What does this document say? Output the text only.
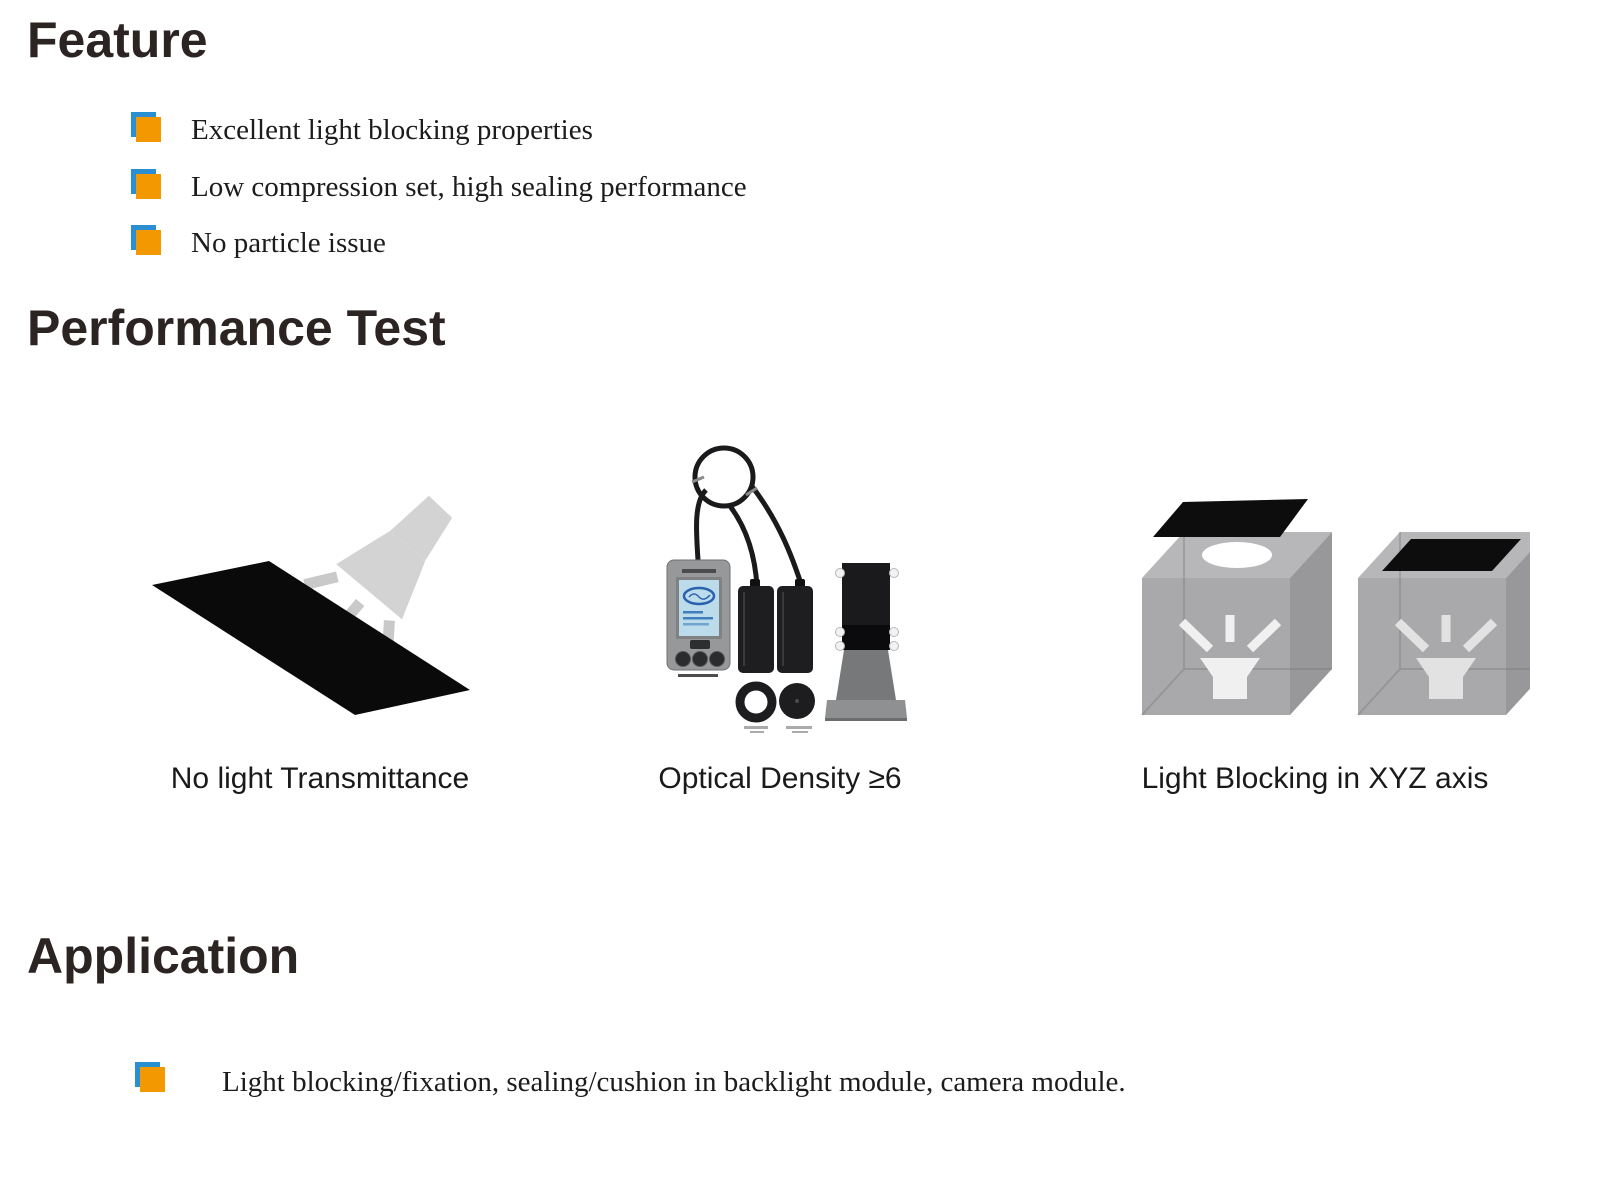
Feature
Excellent light blocking properties
Low compression set, high sealing performance
No particle issue
Performance Test

No light Transmittance	Optical Density ≥6	Light Blocking in XYZ axis

Application
Light blocking/fixation, sealing/cushion in backlight module, camera module.
